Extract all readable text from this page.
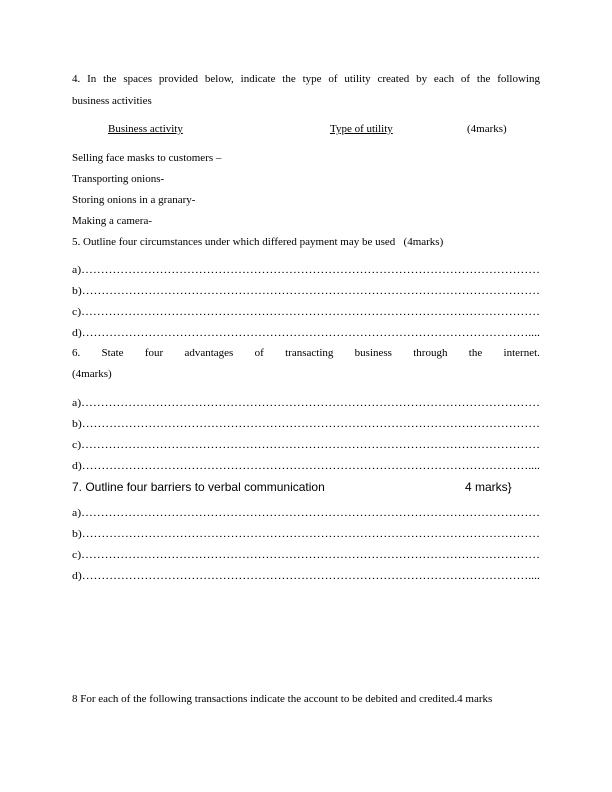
4. In the spaces provided below, indicate the type of utility created by each of the following
business activities
Business activity	Type of utility	(4marks)
Selling face masks to customers –
Transporting onions-
Storing onions in a granary-
Making a camera-
5. Outline four circumstances under which differed payment may be used (4marks)
a)………………………………………………………………………………………………………
b)………………………………………………………………………………………………………
c)………………………………………………………………………………………………………
d)……………………………………………………………………………………………………....
6. State four advantages of transacting business through the internet.
(4marks)
a)………………………………………………………………………………………………………
b)………………………………………………………………………………………………………
c)………………………………………………………………………………………………………
d)……………………………………………………………………………………………………....
7. Outline four barriers to verbal communication	4 marks}
a)………………………………………………………………………………………………………
b)………………………………………………………………………………………………………
c)………………………………………………………………………………………………………
d)……………………………………………………………………………………………………....
8 For each of the following transactions indicate the account to be debited and credited.4 marks
